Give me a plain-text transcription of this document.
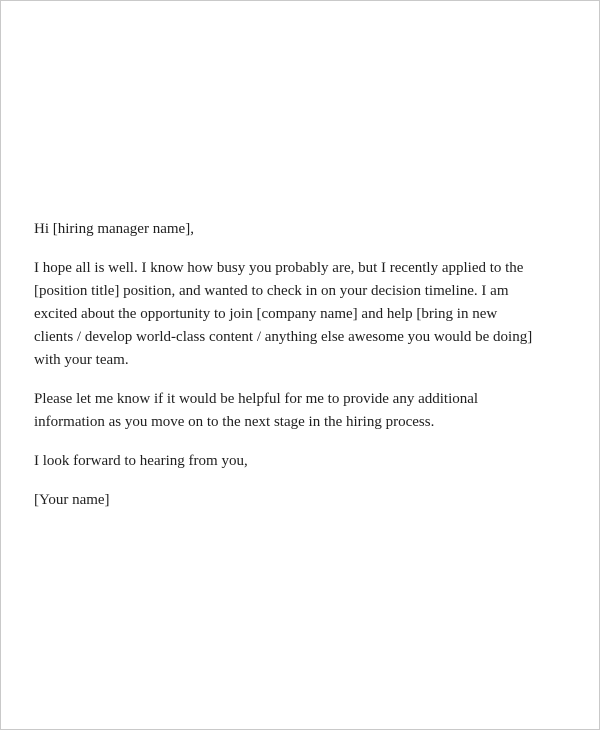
Hi [hiring manager name],

I hope all is well. I know how busy you probably are, but I recently applied to the
[position title] position, and wanted to check in on your decision timeline. I am
excited about the opportunity to join [company name] and help [bring in new
clients / develop world-class content / anything else awesome you would be doing]
with your team.

Please let me know if it would be helpful for me to provide any additional
information as you move on to the next stage in the hiring process.

I look forward to hearing from you,

[Your name]
